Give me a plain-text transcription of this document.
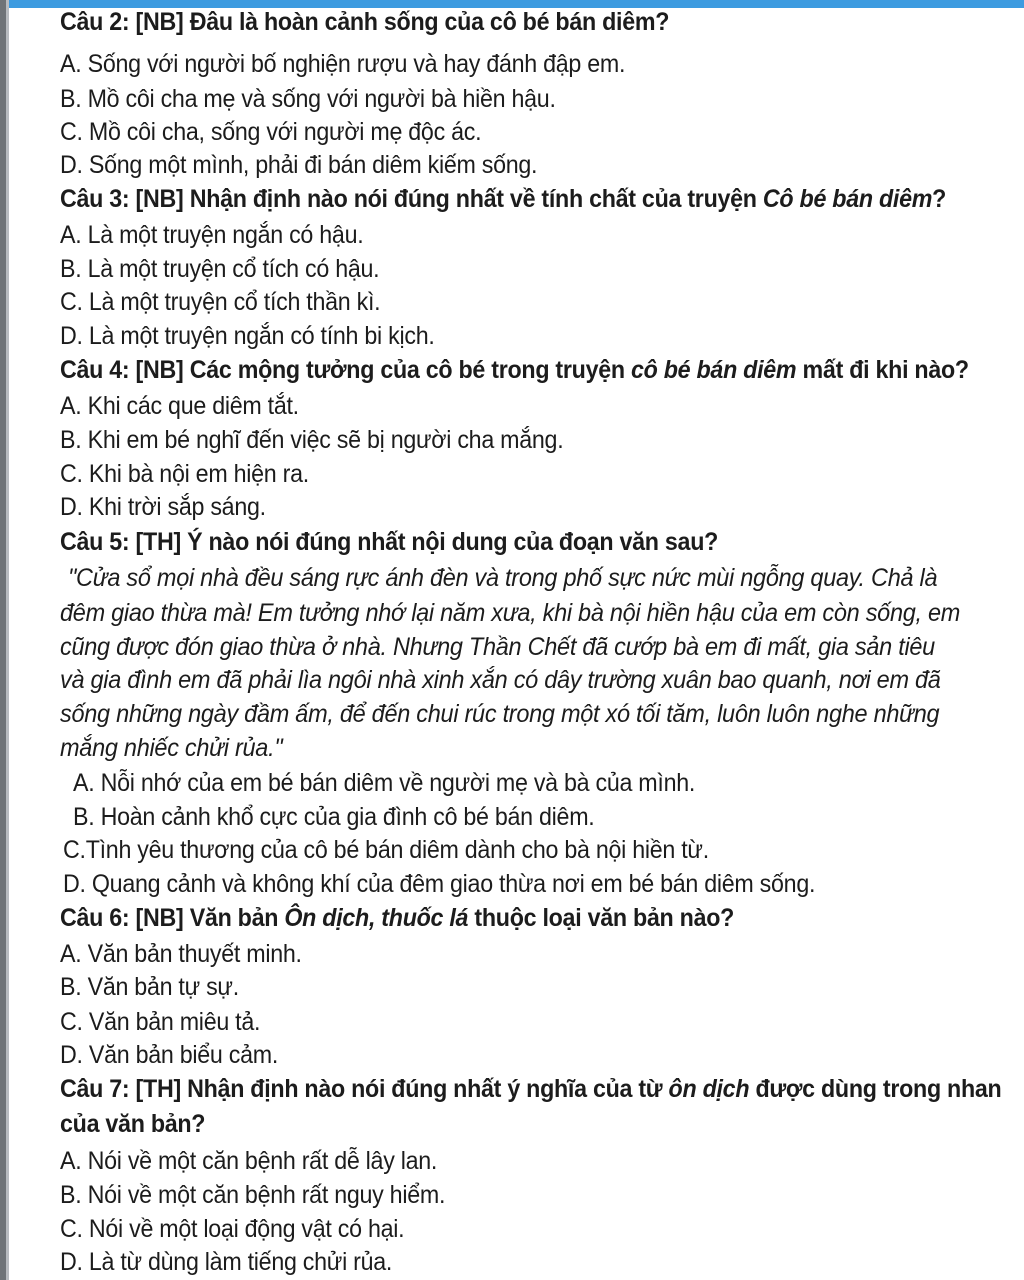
Câu 2: [NB] Đâu là hoàn cảnh sống của cô bé bán diêm?
A. Sống với người bố nghiện rượu và hay đánh đập em.
B. Mồ côi cha mẹ và sống với người bà hiền hậu.
C. Mồ côi cha, sống với người mẹ độc ác.
D. Sống một mình, phải đi bán diêm kiếm sống.
Câu 3: [NB] Nhận định nào nói đúng nhất về tính chất của truyện Cô bé bán diêm?
A. Là một truyện ngắn có hậu.
B. Là một truyện cổ tích có hậu.
C. Là một truyện cổ tích thần kì.
D. Là một truyện ngắn có tính bi kịch.
Câu 4: [NB] Các mộng tưởng của cô bé trong truyện cô bé bán diêm mất đi khi nào?
A. Khi các que diêm tắt.
B. Khi em bé nghĩ đến việc sẽ bị người cha mắng.
C. Khi bà nội em hiện ra.
D. Khi trời sắp sáng.
Câu 5: [TH] Ý nào nói đúng nhất nội dung của đoạn văn sau?
"Cửa sổ mọi nhà đều sáng rực ánh đèn và trong phố sực nức mùi ngỗng quay. Chả là
đêm giao thừa mà! Em tưởng nhớ lại năm xưa, khi bà nội hiền hậu của em còn sống, em
cũng được đón giao thừa ở nhà. Nhưng Thần Chết đã cướp bà em đi mất, gia sản tiêu
và gia đình em đã phải lìa ngôi nhà xinh xắn có dây trường xuân bao quanh, nơi em đã
sống những ngày đầm ấm, để đến chui rúc trong một xó tối tăm, luôn luôn nghe những
mắng nhiếc chửi rủa."
A. Nỗi nhớ của em bé bán diêm về người mẹ và bà của mình.
B. Hoàn cảnh khổ cực của gia đình cô bé bán diêm.
C.Tình yêu thương của cô bé bán diêm dành cho bà nội hiền từ.
D. Quang cảnh và không khí của đêm giao thừa nơi em bé bán diêm sống.
Câu 6: [NB] Văn bản Ôn dịch, thuốc lá thuộc loại văn bản nào?
A. Văn bản thuyết minh.
B. Văn bản tự sự.
C. Văn bản miêu tả.
D. Văn bản biểu cảm.
Câu 7: [TH] Nhận định nào nói đúng nhất ý nghĩa của từ ôn dịch được dùng trong nhan
của văn bản?
A. Nói về một căn bệnh rất dễ lây lan.
B. Nói về một căn bệnh rất nguy hiểm.
C. Nói về một loại động vật có hại.
D. Là từ dùng làm tiếng chửi rủa.
